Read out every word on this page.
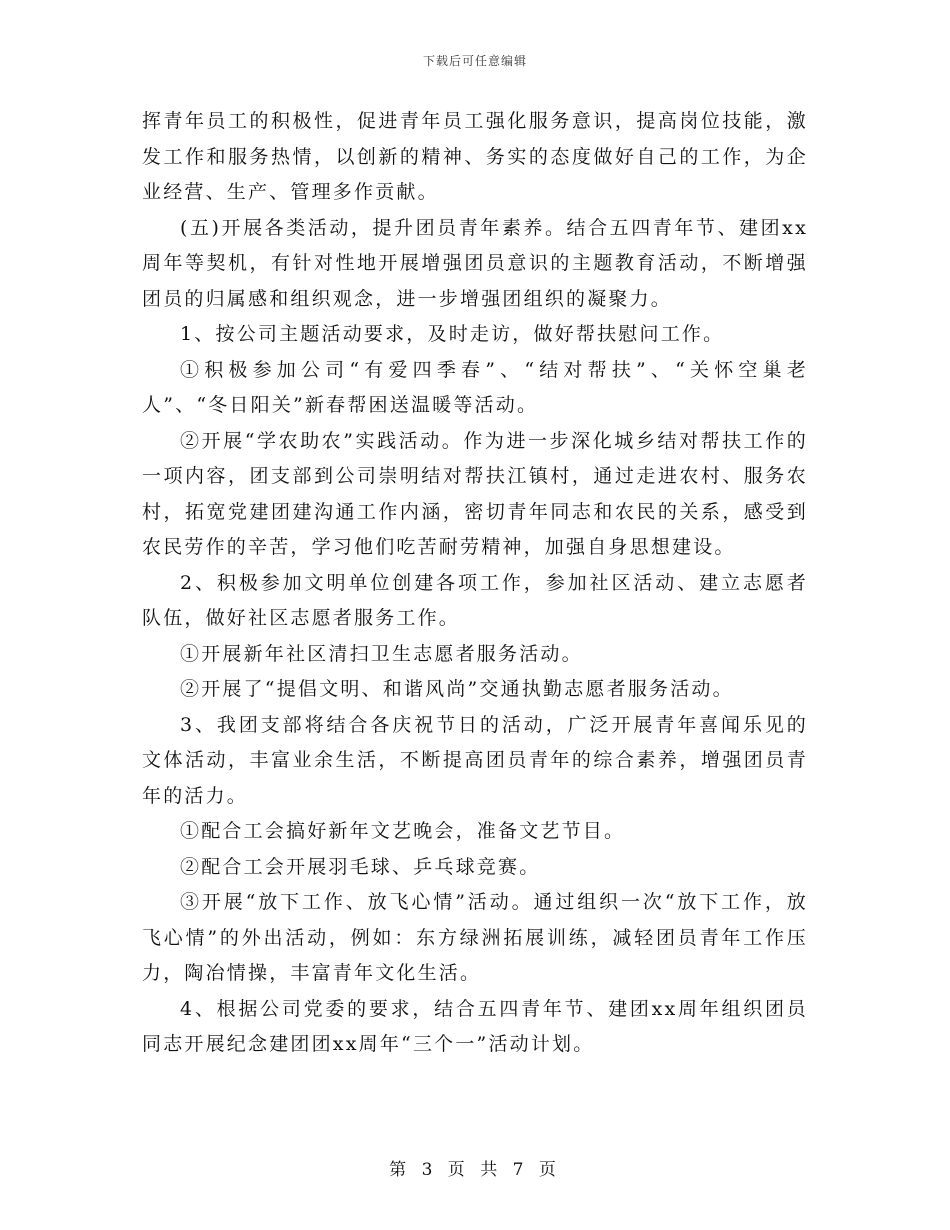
下载后可任意编辑

挥青年员工的积极性，促进青年员工强化服务意识，提高岗位技能，激发工作和服务热情，以创新的精神、务实的态度做好自己的工作，为企业经营、生产、管理多作贡献。

(五)开展各类活动，提升团员青年素养。结合五四青年节、建团xx周年等契机，有针对性地开展增强团员意识的主题教育活动，不断增强团员的归属感和组织观念，进一步增强团组织的凝聚力。

1、按公司主题活动要求，及时走访，做好帮扶慰问工作。

①积极参加公司“有爱四季春”、“结对帮扶”、“关怀空巢老人”、“冬日阳关”新春帮困送温暖等活动。

②开展“学农助农”实践活动。作为进一步深化城乡结对帮扶工作的一项内容，团支部到公司崇明结对帮扶江镇村，通过走进农村、服务农村，拓宽党建团建沟通工作内涵，密切青年同志和农民的关系，感受到农民劳作的辛苦，学习他们吃苦耐劳精神，加强自身思想建设。

2、积极参加文明单位创建各项工作，参加社区活动、建立志愿者队伍，做好社区志愿者服务工作。

①开展新年社区清扫卫生志愿者服务活动。

②开展了“提倡文明、和谐风尚”交通执勤志愿者服务活动。

3、我团支部将结合各庆祝节日的活动，广泛开展青年喜闻乐见的文体活动，丰富业余生活，不断提高团员青年的综合素养，增强团员青年的活力。

①配合工会搞好新年文艺晚会，准备文艺节目。

②配合工会开展羽毛球、乒乓球竞赛。

③开展“放下工作、放飞心情”活动。通过组织一次“放下工作，放飞心情”的外出活动，例如：东方绿洲拓展训练，减轻团员青年工作压力，陶冶情操，丰富青年文化生活。

4、根据公司党委的要求，结合五四青年节、建团xx周年组织团员同志开展纪念建团团xx周年“三个一”活动计划。

第 3 页 共 7 页
